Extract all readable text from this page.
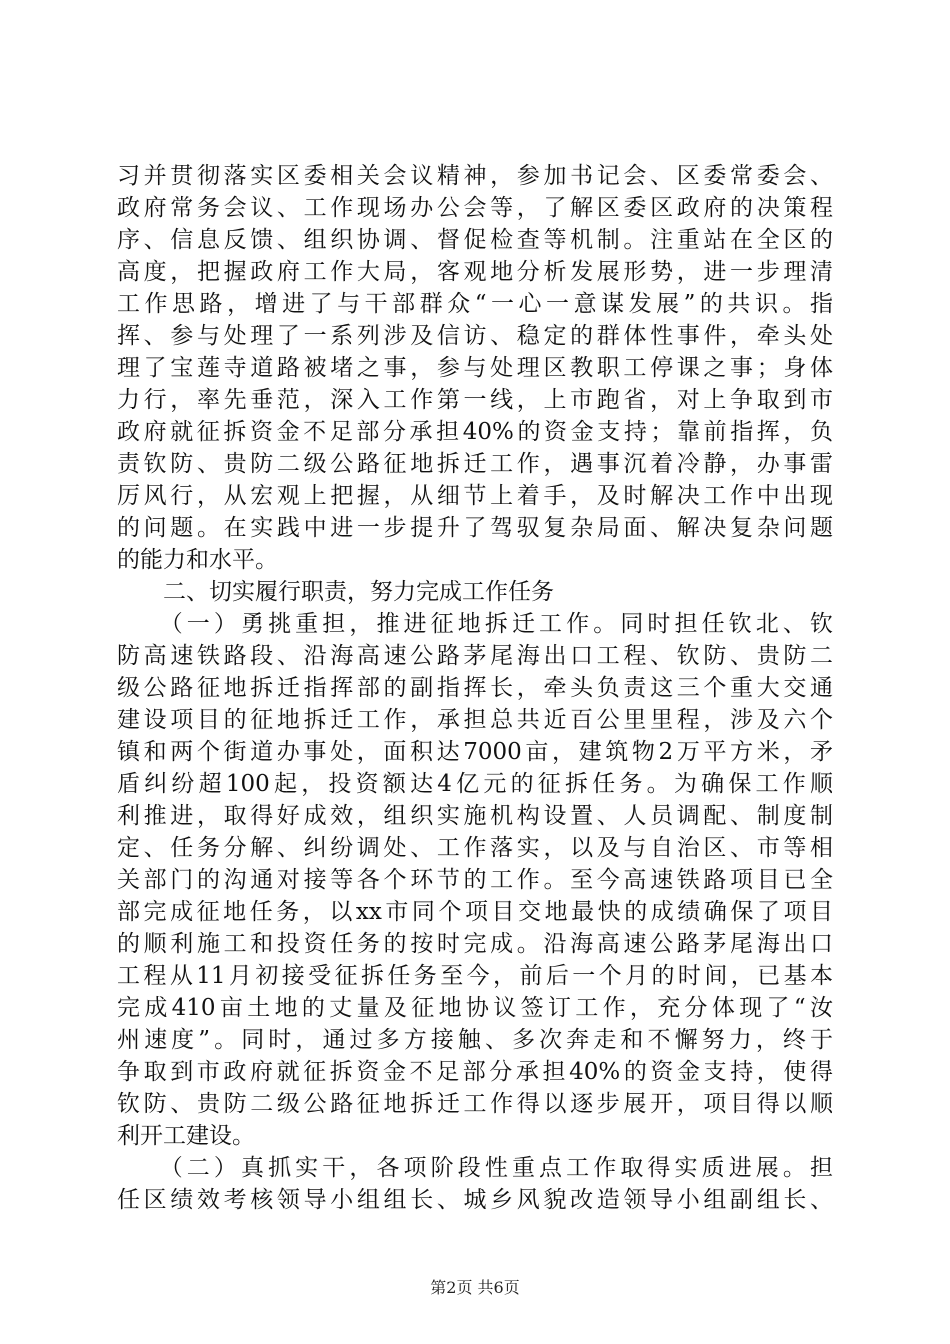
习并贯彻落实区委相关会议精神，参加书记会、区委常委会、
政府常务会议、工作现场办公会等，了解区委区政府的决策程
序、信息反馈、组织协调、督促检查等机制。注重站在全区的
高度，把握政府工作大局，客观地分析发展形势，进一步理清
工作思路，增进了与干部群众“一心一意谋发展”的共识。指
挥、参与处理了一系列涉及信访、稳定的群体性事件，牵头处
理了宝莲寺道路被堵之事，参与处理区教职工停课之事；身体
力行，率先垂范，深入工作第一线，上市跑省，对上争取到市
政府就征拆资金不足部分承担40%的资金支持；靠前指挥，负
责钦防、贵防二级公路征地拆迁工作，遇事沉着冷静，办事雷
厉风行，从宏观上把握，从细节上着手，及时解决工作中出现
的问题。在实践中进一步提升了驾驭复杂局面、解决复杂问题
的能力和水平。
　　二、切实履行职责，努力完成工作任务
　　（一）勇挑重担，推进征地拆迁工作。同时担任钦北、钦
防高速铁路段、沿海高速公路茅尾海出口工程、钦防、贵防二
级公路征地拆迁指挥部的副指挥长，牵头负责这三个重大交通
建设项目的征地拆迁工作，承担总共近百公里里程，涉及六个
镇和两个街道办事处，面积达7000亩，建筑物2万平方米，矛
盾纠纷超100起，投资额达4亿元的征拆任务。为确保工作顺
利推进，取得好成效，组织实施机构设置、人员调配、制度制
定、任务分解、纠纷调处、工作落实，以及与自治区、市等相
关部门的沟通对接等各个环节的工作。至今高速铁路项目已全
部完成征地任务，以xx市同个项目交地最快的成绩确保了项目
的顺利施工和投资任务的按时完成。沿海高速公路茅尾海出口
工程从11月初接受征拆任务至今，前后一个月的时间，已基本
完成410亩土地的丈量及征地协议签订工作，充分体现了“汝
州速度”。同时，通过多方接触、多次奔走和不懈努力，终于
争取到市政府就征拆资金不足部分承担40%的资金支持，使得
钦防、贵防二级公路征地拆迁工作得以逐步展开，项目得以顺
利开工建设。
　　（二）真抓实干，各项阶段性重点工作取得实质进展。担
任区绩效考核领导小组组长、城乡风貌改造领导小组副组长、
第2页 共6页
